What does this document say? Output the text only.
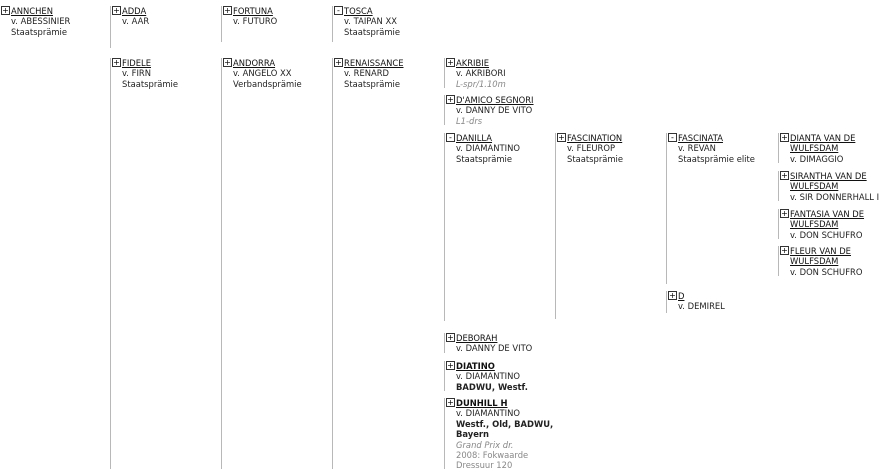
+ ANNCHEN
v. ABESSINIER
Staatsprämie
+ ADDA
v. AAR
+ FORTUNA
v. FUTURO
- TOSCA
v. TAIPAN XX
Staatsprämie
+ FIDELE
v. FIRN
Staatsprämie
+ ANDORRA
v. ANGELO XX
Verbandsprämie
+ RENAISSANCE
v. RENARD
Staatsprämie
+ AKRIBIE
v. AKRIBORI
L-spr/1.10m
+ D'AMICO SEGNORI
v. DANNY DE VITO
L1-drs
- DANILLA
v. DIAMANTINO
Staatsprämie
+ FASCINATION
v. FLEUROP
Staatsprämie
- FASCINATA
v. REVAN
Staatsprämie elite
+ DIANTA VAN DE WULFSDAM
v. DIMAGGIO
+ SIRANTHA VAN DE WULFSDAM
v. SIR DONNERHALL I
+ FANTASIA VAN DE WULFSDAM
v. DON SCHUFRO
+ FLEUR VAN DE WULFSDAM
v. DON SCHUFRO
+ D
v. DEMIREL
+ DEBORAH
v. DANNY DE VITO
+ DIATINO
v. DIAMANTINO
BADWU, Westf.
+ DUNHILL H
v. DIAMANTINO
Westf., Old, BADWU,
Bayern
Grand Prix dr.
2008: Fokwaarde
Dressuur 120
